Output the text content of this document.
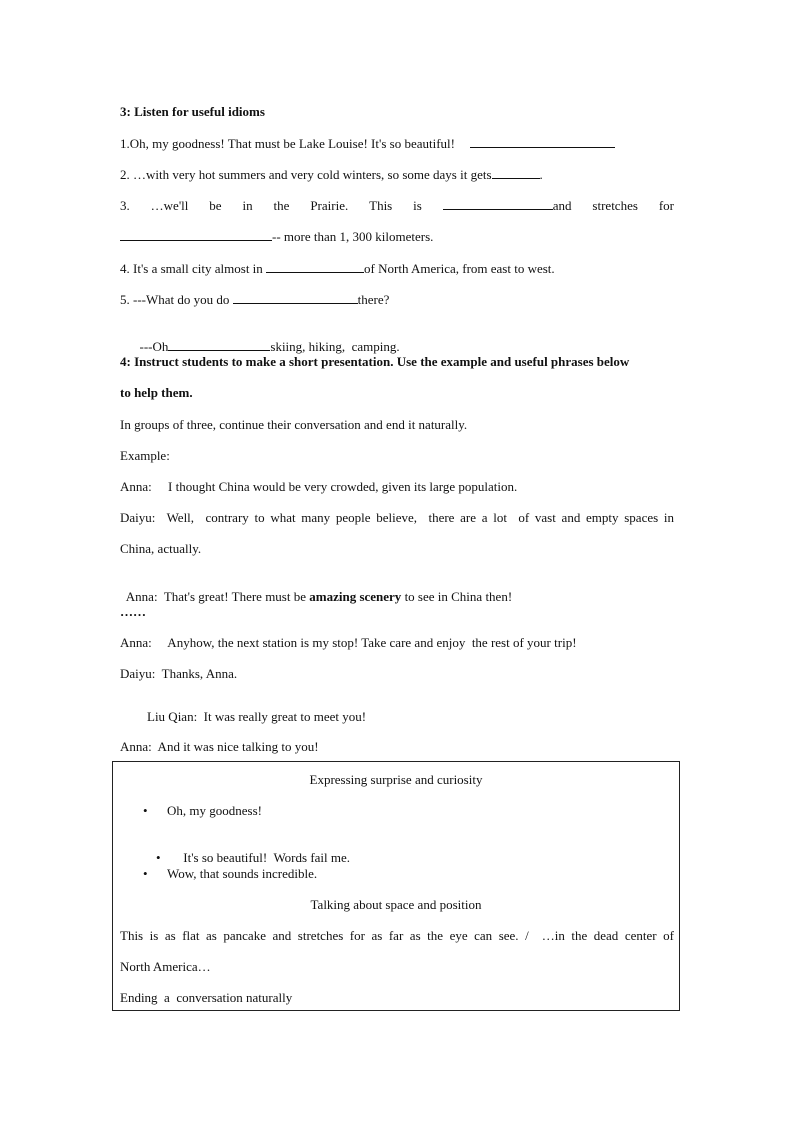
3: Listen for useful idioms
1.Oh, my goodness! That must be Lake Louise! It's so beautiful!
2. …with very hot summers and very cold winters, so some days it gets	.
3. …we'll be in the Prairie. This is	and stretches for
-- more than 1, 300 kilometers.
4. It's a small city almost in	of North America, from east to west.
5. ---What do you do	there?

---Oh	skiing, hiking,  camping.

4: Instruct students to make a short presentation. Use the example and useful phrases below
to help them.
In groups of three, continue their conversation and end it naturally.
Example:
Anna:     I thought China would be very crowded, given its large population.
Daiyu:  Well,  contrary to what many people believe,  there are a lot  of vast and empty spaces in
China, actually.

Anna:  That's great! There must be amazing scenery to see in China then!

……
Anna:     Anyhow, the next station is my stop! Take care and enjoy  the rest of your trip!
Daiyu:  Thanks, Anna.
Liu Qian:  It was really great to meet you!
Anna:  And it was nice talking to you!
Expressing surprise and curiosity
• Oh, my goodness!

• It's so beautiful!  Words fail me.

• Wow, that sounds incredible.
Talking about space and position
This is as flat as pancake and stretches for as far as the eye can see. / …in the dead center of
North America…
Ending  a  conversation naturally
